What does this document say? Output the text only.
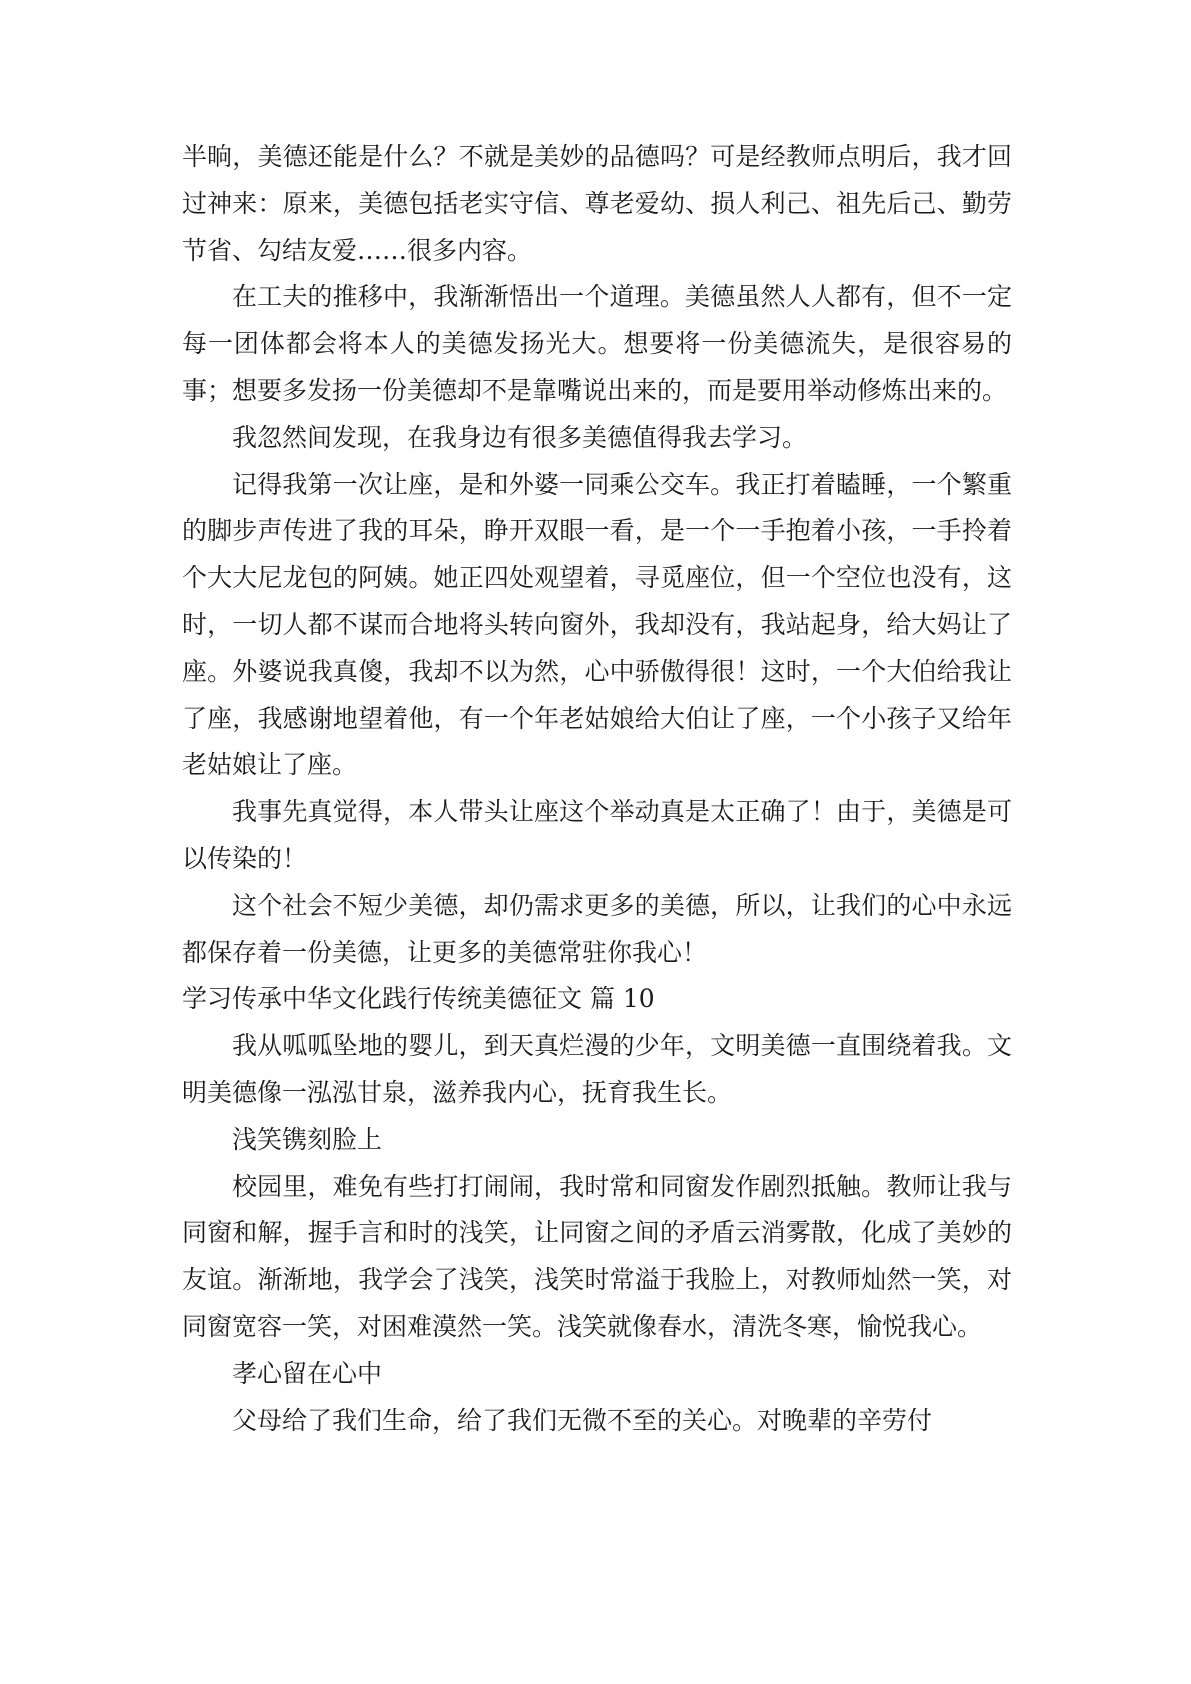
半晌，美德还能是什么？不就是美妙的品德吗？可是经教师点明后，我才回过神来：原来，美德包括老实守信、尊老爱幼、损人利己、祖先后己、勤劳节省、勾结友爱……很多内容。

在工夫的推移中，我渐渐悟出一个道理。美德虽然人人都有，但不一定每一团体都会将本人的美德发扬光大。想要将一份美德流失，是很容易的事；想要多发扬一份美德却不是靠嘴说出来的，而是要用举动修炼出来的。

我忽然间发现，在我身边有很多美德值得我去学习。

记得我第一次让座，是和外婆一同乘公交车。我正打着瞌睡，一个繁重的脚步声传进了我的耳朵，睁开双眼一看，是一个一手抱着小孩，一手拎着个大大尼龙包的阿姨。她正四处观望着，寻觅座位，但一个空位也没有，这时，一切人都不谋而合地将头转向窗外，我却没有，我站起身，给大妈让了座。外婆说我真傻，我却不以为然，心中骄傲得很！这时，一个大伯给我让了座，我感谢地望着他，有一个年老姑娘给大伯让了座，一个小孩子又给年老姑娘让了座。

我事先真觉得，本人带头让座这个举动真是太正确了！由于，美德是可以传染的！

这个社会不短少美德，却仍需求更多的美德，所以，让我们的心中永远都保存着一份美德，让更多的美德常驻你我心！

学习传承中华文化践行传统美德征文 篇 10

我从呱呱坠地的婴儿，到天真烂漫的少年，文明美德一直围绕着我。文明美德像一泓泓甘泉，滋养我内心，抚育我生长。

浅笑镌刻脸上

校园里，难免有些打打闹闹，我时常和同窗发作剧烈抵触。教师让我与同窗和解，握手言和时的浅笑，让同窗之间的矛盾云消雾散，化成了美妙的友谊。渐渐地，我学会了浅笑，浅笑时常溢于我脸上，对教师灿然一笑，对同窗宽容一笑，对困难漠然一笑。浅笑就像春水，清洗冬寒，愉悦我心。

孝心留在心中

父母给了我们生命，给了我们无微不至的关心。对晚辈的辛劳付
